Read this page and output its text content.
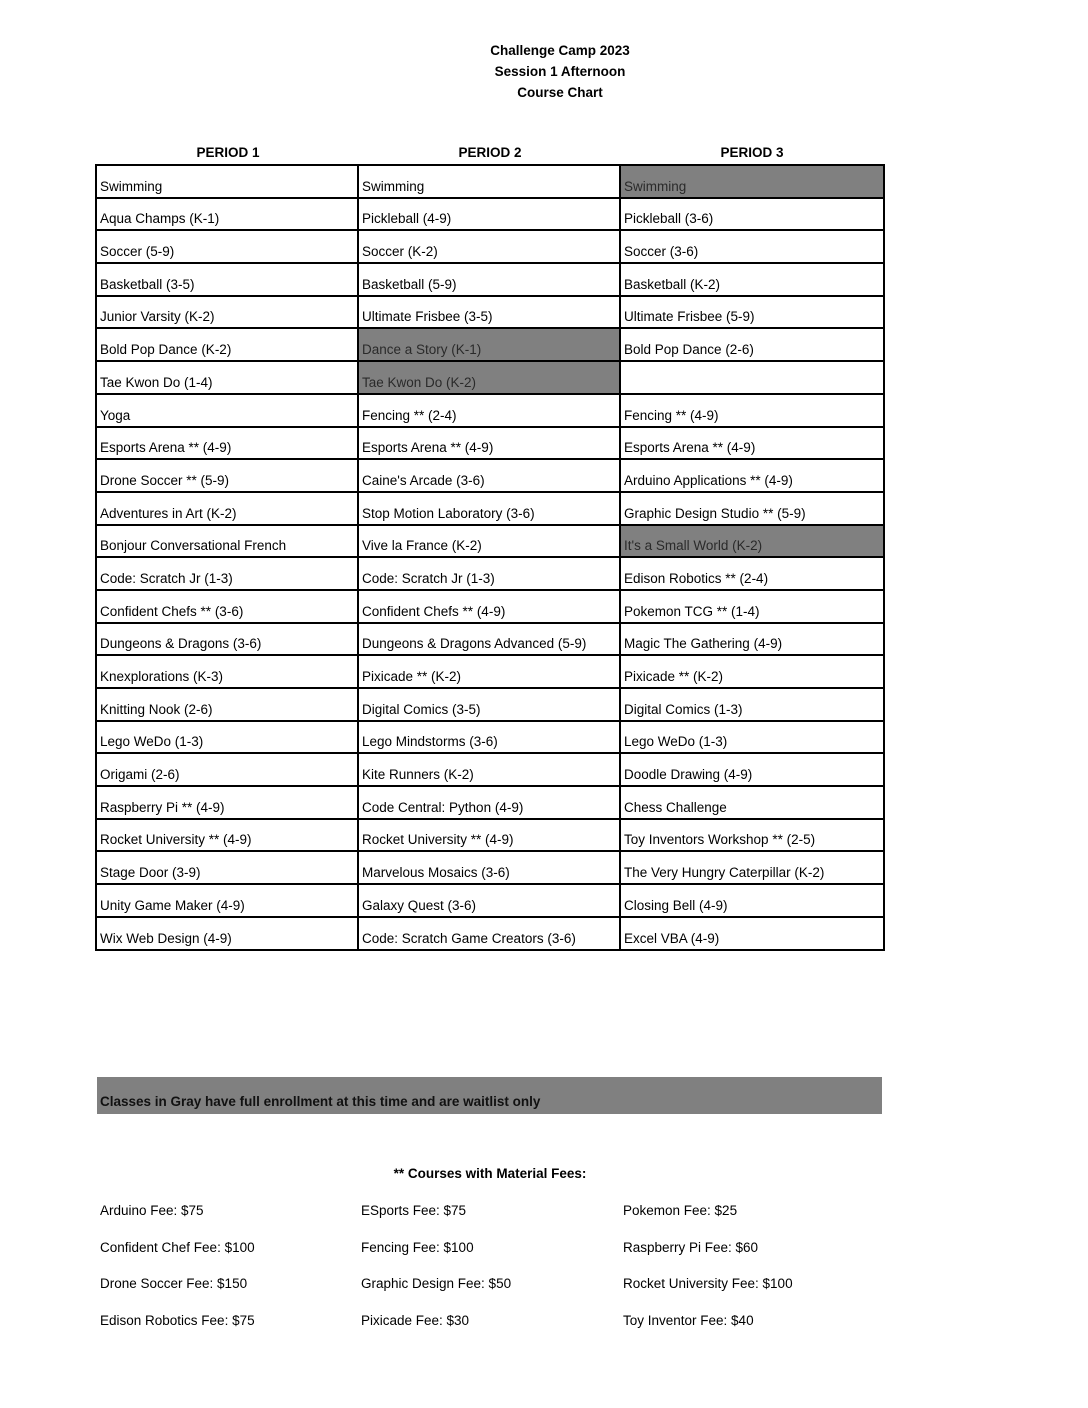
Challenge Camp 2023
Session 1 Afternoon
Course Chart
PERIOD 1	PERIOD 2	PERIOD 3
Swimming	Swimming	Swimming
Aqua Champs (K-1)	Pickleball (4-9)	Pickleball (3-6)
Soccer (5-9)	Soccer (K-2)	Soccer (3-6)
Basketball (3-5)	Basketball (5-9)	Basketball (K-2)
Junior Varsity (K-2)	Ultimate Frisbee (3-5)	Ultimate Frisbee (5-9)
Bold Pop Dance (K-2)	Dance a Story (K-1)	Bold Pop Dance (2-6)
Tae Kwon Do (1-4)	Tae Kwon Do (K-2)	
Yoga	Fencing ** (2-4)	Fencing ** (4-9)
Esports Arena ** (4-9)	Esports Arena ** (4-9)	Esports Arena ** (4-9)
Drone Soccer ** (5-9)	Caine's Arcade (3-6)	Arduino Applications ** (4-9)
Adventures in Art (K-2)	Stop Motion Laboratory (3-6)	Graphic Design Studio ** (5-9)
Bonjour Conversational French	Vive la France (K-2)	It's a Small World (K-2)
Code: Scratch Jr (1-3)	Code: Scratch Jr (1-3)	Edison Robotics ** (2-4)
Confident Chefs ** (3-6)	Confident Chefs ** (4-9)	Pokemon TCG ** (1-4)
Dungeons & Dragons (3-6)	Dungeons & Dragons Advanced (5-9)	Magic The Gathering (4-9)
Knexplorations (K-3)	Pixicade ** (K-2)	Pixicade ** (K-2)
Knitting Nook (2-6)	Digital Comics (3-5)	Digital Comics (1-3)
Lego WeDo (1-3)	Lego Mindstorms (3-6)	Lego WeDo (1-3)
Origami (2-6)	Kite Runners (K-2)	Doodle Drawing (4-9)
Raspberry Pi ** (4-9)	Code Central: Python (4-9)	Chess Challenge
Rocket University ** (4-9)	Rocket University ** (4-9)	Toy Inventors Workshop ** (2-5)
Stage Door (3-9)	Marvelous Mosaics (3-6)	The Very Hungry Caterpillar (K-2)
Unity Game Maker (4-9)	Galaxy Quest (3-6)	Closing Bell (4-9)
Wix Web Design (4-9)	Code: Scratch Game Creators (3-6)	Excel VBA (4-9)
Classes in Gray have full enrollment at this time and are waitlist only
** Courses with Material Fees:
Arduino Fee: $75
Confident Chef Fee: $100
Drone Soccer Fee: $150
Edison Robotics Fee: $75
ESports Fee: $75
Fencing Fee: $100
Graphic Design Fee: $50
Pixicade Fee: $30
Pokemon Fee: $25
Raspberry Pi Fee: $60
Rocket University Fee: $100
Toy Inventor Fee: $40
